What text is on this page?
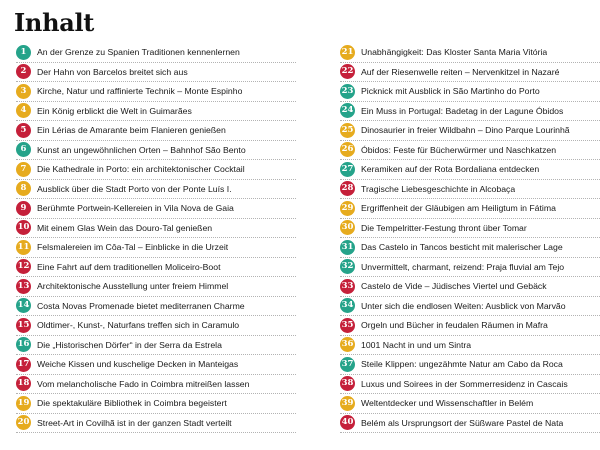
Inhalt
1	An der Grenze zu Spanien Traditionen kennenlernen
2	Der Hahn von Barcelos breitet sich aus
3	Kirche, Natur und raffinierte Technik – Monte Espinho
4	Ein König erblickt die Welt in Guimarães
5	Ein Lérias de Amarante beim Flanieren genießen
6	Kunst an ungewöhnlichen Orten – Bahnhof São Bento
7	Die Kathedrale in Porto: ein architektonischer Cocktail
8	Ausblick über die Stadt Porto von der Ponte Luís I.
9	Berühmte Portwein-Kellereien in Vila Nova de Gaia
10 Mit einem Glas Wein das Douro-Tal genießen
11 Felsmalereien im Côa-Tal – Einblicke in die Urzeit
12 Eine Fahrt auf dem traditionellen Moliceiro-Boot
13 Architektonische Ausstellung unter freiem Himmel
14 Costa Novas Promenade bietet mediterranen Charme
15 Oldtimer-, Kunst-, Naturfans treffen sich in Caramulo
16 Die „Historischen Dörfer“ in der Serra da Estrela
17 Weiche Kissen und kuschelige Decken in Manteigas
18 Vom melancholische Fado in Coimbra mitreißen lassen
19 Die spektakuläre Bibliothek in Coimbra begeistert
20 Street-Art in Covilhã ist in der ganzen Stadt verteilt
21 Unabhängigkeit: Das Kloster Santa Maria Vitória
22 Auf der Riesenwelle reiten – Nervenkitzel in Nazaré
23 Picknick mit Ausblick in São Martinho do Porto
24 Ein Muss in Portugal: Badetag in der Lagune Óbidos
25 Dinosaurier in freier Wildbahn – Dino Parque Lourinhã
26 Óbidos: Feste für Bücherwürmer und Naschkatzen
27 Keramiken auf der Rota Bordaliana entdecken
28 Tragische Liebesgeschichte in Alcobaça
29 Ergriffenheit der Gläubigen am Heiligtum in Fátima
30 Die Tempelritter-Festung thront über Tomar
31 Das Castelo in Tancos besticht mit malerischer Lage
32 Unvermittelt, charmant, reizend: Praja fluvial am Tejo
33 Castelo de Vide – Jüdisches Viertel und Gebäck
34 Unter sich die endlosen Weiten: Ausblick von Marvão
35 Orgeln und Bücher in feudalen Räumen in Mafra
36 1001 Nacht in und um Sintra
37 Steile Klippen: ungezähmte Natur am Cabo da Roca
38 Luxus und Soirees in der Sommerresidenz in Cascais
39 Weltentdecker und Wissenschaftler in Belém
40 Belém als Ursprungsort der Süßware Pastel de Nata
